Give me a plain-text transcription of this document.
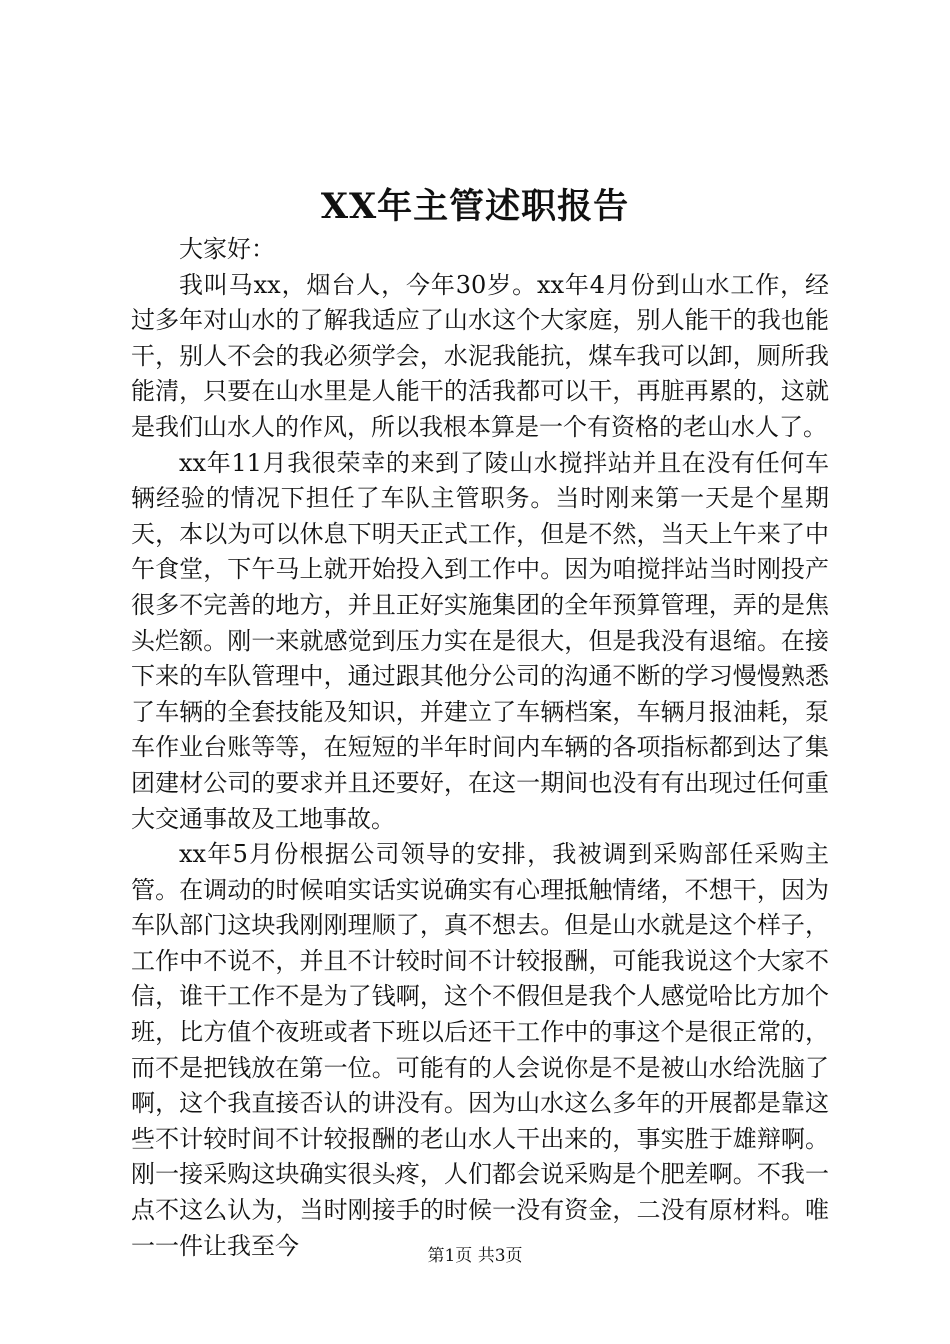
XX年主管述职报告

大家好：

我叫马xx，烟台人，今年30岁。xx年4月份到山水工作，经过多年对山水的了解我适应了山水这个大家庭，别人能干的我也能干，别人不会的我必须学会，水泥我能抗，煤车我可以卸，厕所我能清，只要在山水里是人能干的活我都可以干，再脏再累的，这就是我们山水人的作风，所以我根本算是一个有资格的老山水人了。

xx年11月我很荣幸的来到了陵山水搅拌站并且在没有任何车辆经验的情况下担任了车队主管职务。当时刚来第一天是个星期天，本以为可以休息下明天正式工作，但是不然，当天上午来了中午食堂，下午马上就开始投入到工作中。因为咱搅拌站当时刚投产很多不完善的地方，并且正好实施集团的全年预算管理，弄的是焦头烂额。刚一来就感觉到压力实在是很大，但是我没有退缩。在接下来的车队管理中，通过跟其他分公司的沟通不断的学习慢慢熟悉了车辆的全套技能及知识，并建立了车辆档案，车辆月报油耗，泵车作业台账等等，在短短的半年时间内车辆的各项指标都到达了集团建材公司的要求并且还要好，在这一期间也没有有出现过任何重大交通事故及工地事故。

xx年5月份根据公司领导的安排，我被调到采购部任采购主管。在调动的时候咱实话实说确实有心理抵触情绪，不想干，因为车队部门这块我刚刚理顺了，真不想去。但是山水就是这个样子，工作中不说不，并且不计较时间不计较报酬，可能我说这个大家不信，谁干工作不是为了钱啊，这个不假但是我个人感觉哈比方加个班，比方值个夜班或者下班以后还干工作中的事这个是很正常的，而不是把钱放在第一位。可能有的人会说你是不是被山水给洗脑了啊，这个我直接否认的讲没有。因为山水这么多年的开展都是靠这些不计较时间不计较报酬的老山水人干出来的，事实胜于雄辩啊。刚一接采购这块确实很头疼，人们都会说采购是个肥差啊。不我一点不这么认为，当时刚接手的时候一没有资金，二没有原材料。唯一一件让我至今	第1页 共3页
